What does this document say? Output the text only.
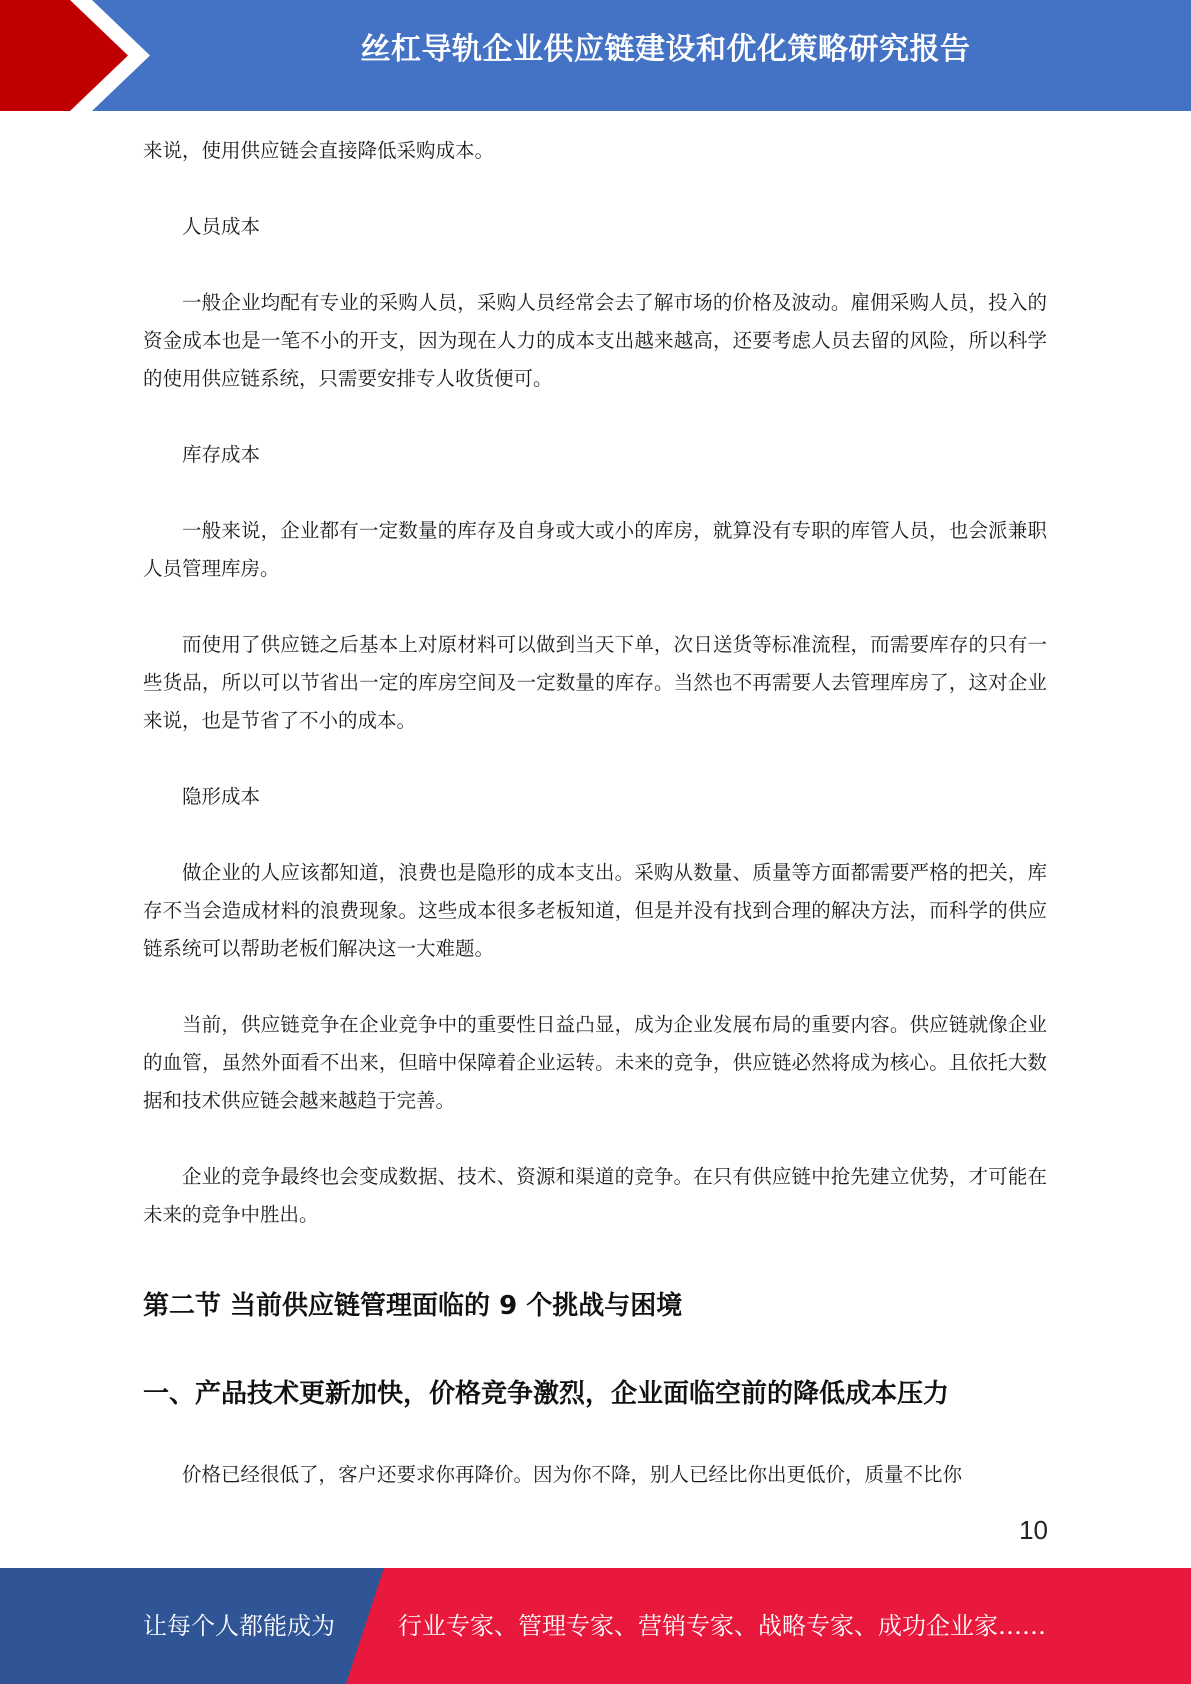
丝杠导轨企业供应链建设和优化策略研究报告

来说，使用供应链会直接降低采购成本。

人员成本

一般企业均配有专业的采购人员，采购人员经常会去了解市场的价格及波动。雇佣采购人员，投入的资金成本也是一笔不小的开支，因为现在人力的成本支出越来越高，还要考虑人员去留的风险，所以科学的使用供应链系统，只需要安排专人收货便可。

库存成本

一般来说，企业都有一定数量的库存及自身或大或小的库房，就算没有专职的库管人员，也会派兼职人员管理库房。

而使用了供应链之后基本上对原材料可以做到当天下单，次日送货等标准流程，而需要库存的只有一些货品，所以可以节省出一定的库房空间及一定数量的库存。当然也不再需要人去管理库房了，这对企业来说，也是节省了不小的成本。

隐形成本

做企业的人应该都知道，浪费也是隐形的成本支出。采购从数量、质量等方面都需要严格的把关，库存不当会造成材料的浪费现象。这些成本很多老板知道，但是并没有找到合理的解决方法，而科学的供应链系统可以帮助老板们解决这一大难题。

当前，供应链竞争在企业竞争中的重要性日益凸显，成为企业发展布局的重要内容。供应链就像企业的血管，虽然外面看不出来，但暗中保障着企业运转。未来的竞争，供应链必然将成为核心。且依托大数据和技术供应链会越来越趋于完善。

企业的竞争最终也会变成数据、技术、资源和渠道的竞争。在只有供应链中抢先建立优势，才可能在未来的竞争中胜出。

第二节 当前供应链管理面临的 9 个挑战与困境
一、产品技术更新加快，价格竞争激烈，企业面临空前的降低成本压力

价格已经很低了，客户还要求你再降价。因为你不降，别人已经比你出更低价，质量不比你

10
让每个人都能成为	行业专家、管理专家、营销专家、战略专家、成功企业家……
